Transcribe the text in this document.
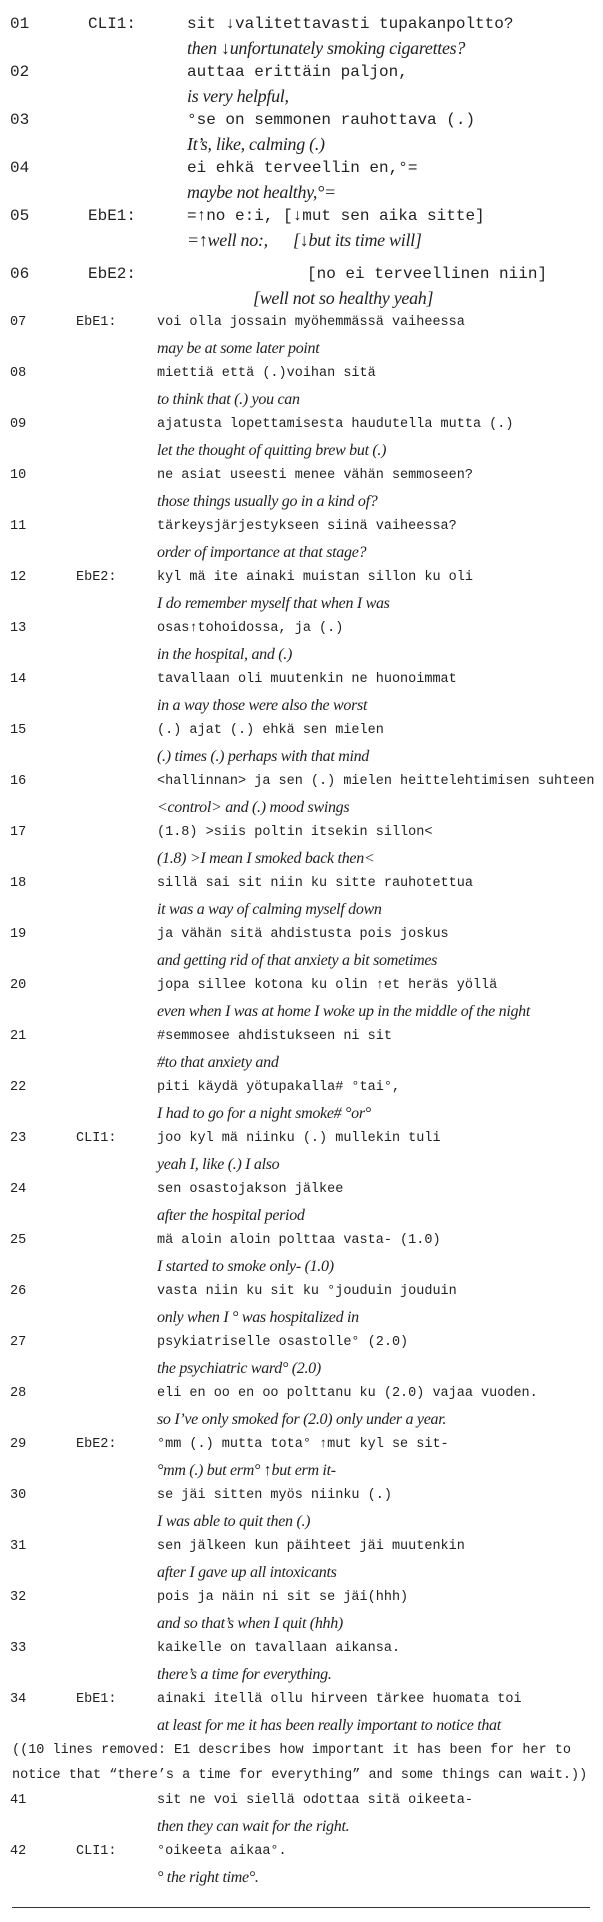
01	CLI1:	sit ↓valitettavasti tupakanpoltto?
then ↓unfortunately smoking cigarettes?
02	auttaa erittäin paljon,
is very helpful,
03	°se on semmonen rauhottava (.)
It’s, like, calming (.)
04	ei ehkä terveellin en,°=
maybe not healthy,°=
05	EbE1:	=↑no e:i, [↓mut sen aika sitte]
=↑well no:,      [↓but its time will]
06	EbE2:	[no ei terveellinen niin]
[well not so healthy yeah]
07	EbE1:	voi olla jossain myöhemmässä vaiheessa
may be at some later point
08	miettiä että (.)voihan sitä
to think that (.) you can
09	ajatusta lopettamisesta haudutella mutta (.)
let the thought of quitting brew but (.)
10	ne asiat useesti menee vähän semmoseen?
those things usually go in a kind of?
11	tärkeysjärjestykseen siinä vaiheessa?
order of importance at that stage?
12	EbE2:	kyl mä ite ainaki muistan sillon ku oli
I do remember myself that when I was
13	osas↑tohoidossa, ja (.)
in the hospital, and (.)
14	tavallaan oli muutenkin ne huonoimmat
in a way those were also the worst
15	(.) ajat (.) ehkä sen mielen
(.) times (.) perhaps with that mind
16	<hallinnan> ja sen (.) mielen heittelehtimisen suhteen
<control> and (.) mood swings
17	(1.8) >siis poltin itsekin sillon<
(1.8) >I mean I smoked back then<
18	sillä sai sit niin ku sitte rauhotettua
it was a way of calming myself down
19	ja vähän sitä ahdistusta pois joskus
and getting rid of that anxiety a bit sometimes
20	jopa sillee kotona ku olin ↑et heräs yöllä
even when I was at home I woke up in the middle of the night
21	#semmosee ahdistukseen ni sit
#to that anxiety and
22	piti käydä yötupakalla# °tai°,
I had to go for a night smoke# °or°
23	CLI1:	joo kyl mä niinku (.) mullekin tuli
yeah I, like (.) I also
24	sen osastojakson jälkee
after the hospital period
25	mä aloin aloin polttaa vasta- (1.0)
I started to smoke only- (1.0)
26	vasta niin ku sit ku °jouduin jouduin
only when I ° was hospitalized in
27	psykiatriselle osastolle° (2.0)
the psychiatric ward° (2.0)
28	eli en oo en oo polttanu ku (2.0) vajaa vuoden.
so I’ve only smoked for (2.0) only under a year.
29	EbE2:	°mm (.) mutta tota° ↑mut kyl se sit-
°mm (.) but erm° ↑but erm it-
30	se jäi sitten myös niinku (.)
I was able to quit then (.)
31	sen jälkeen kun päihteet jäi muutenkin
after I gave up all intoxicants
32	pois ja näin ni sit se jäi(hhh)
and so that’s when I quit (hhh)
33	kaikelle on tavallaan aikansa.
there’s a time for everything.
34	EbE1:	ainaki itellä ollu hirveen tärkee huomata toi
at least for me it has been really important to notice that
((10 lines removed: E1 describes how important it has been for her to notice that “there’s a time for everything” and some things can wait.))
41	sit ne voi siellä odottaa sitä oikeeta-
then they can wait for the right.
42	CLI1:	°oikeeta aikaa°.
° the right time°.
